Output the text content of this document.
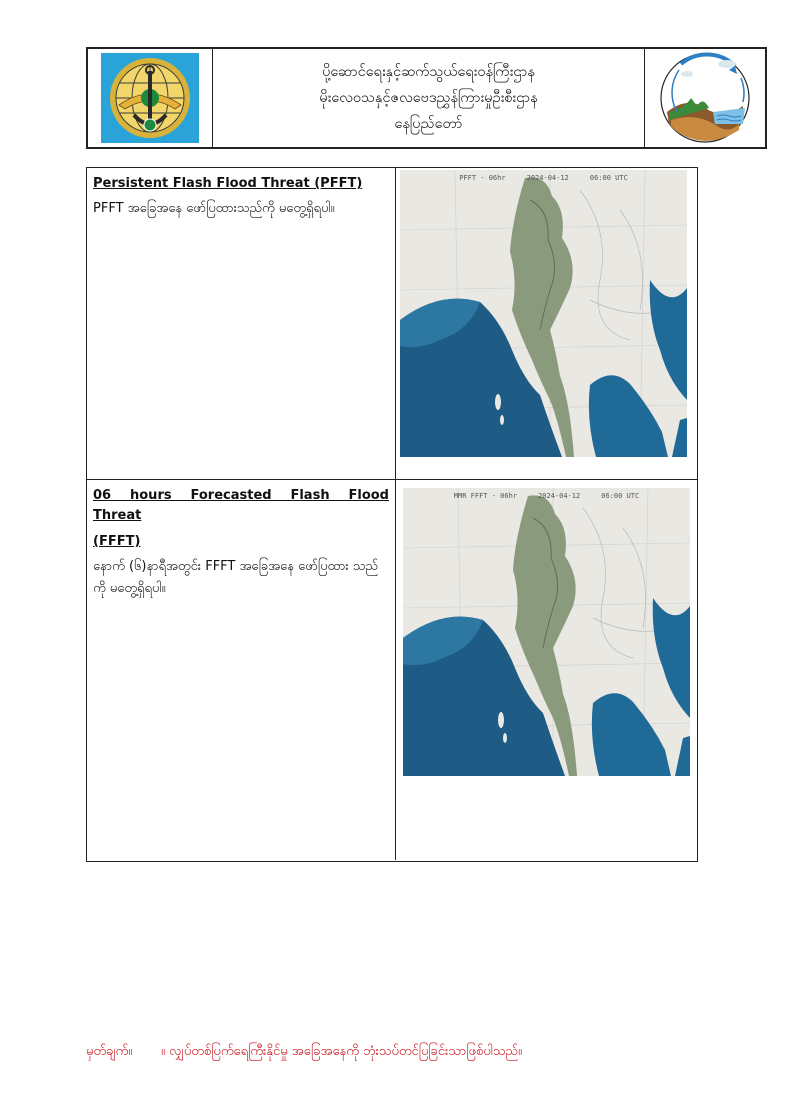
ပို့ဆောင်ရေးနှင့်ဆက်သွယ်ရေးဝန်ကြီးဌာန
မိုးလေဝသနှင့်ဇလဗေဒညွှန်ကြားမှုဦးစီးဌာန
နေပြည်တော်
Persistent Flash Flood Threat (PFFT)
PFFT အခြေအနေ ဖော်ပြထားသည်ကို မတွေ့ရှိရပါ။
PFFT - 06hr     2024-04-12     06:00 UTC
06 hours Forecasted Flash Flood Threat
(FFFT)
နောက် (၆)နာရီအတွင်း FFFT အခြေအနေ ဖော်ပြထား သည်ကို မတွေ့ရှိရပါ။
MMR FFFT - 06hr     2024-04-12     06:00 UTC
မှတ်ချက်။       ။ လျှပ်တစ်ပြက်ရေကြီးနိုင်မှု အခြေအနေကို ဘုံးသပ်တင်ပြခြင်းသာဖြစ်ပါသည်။
